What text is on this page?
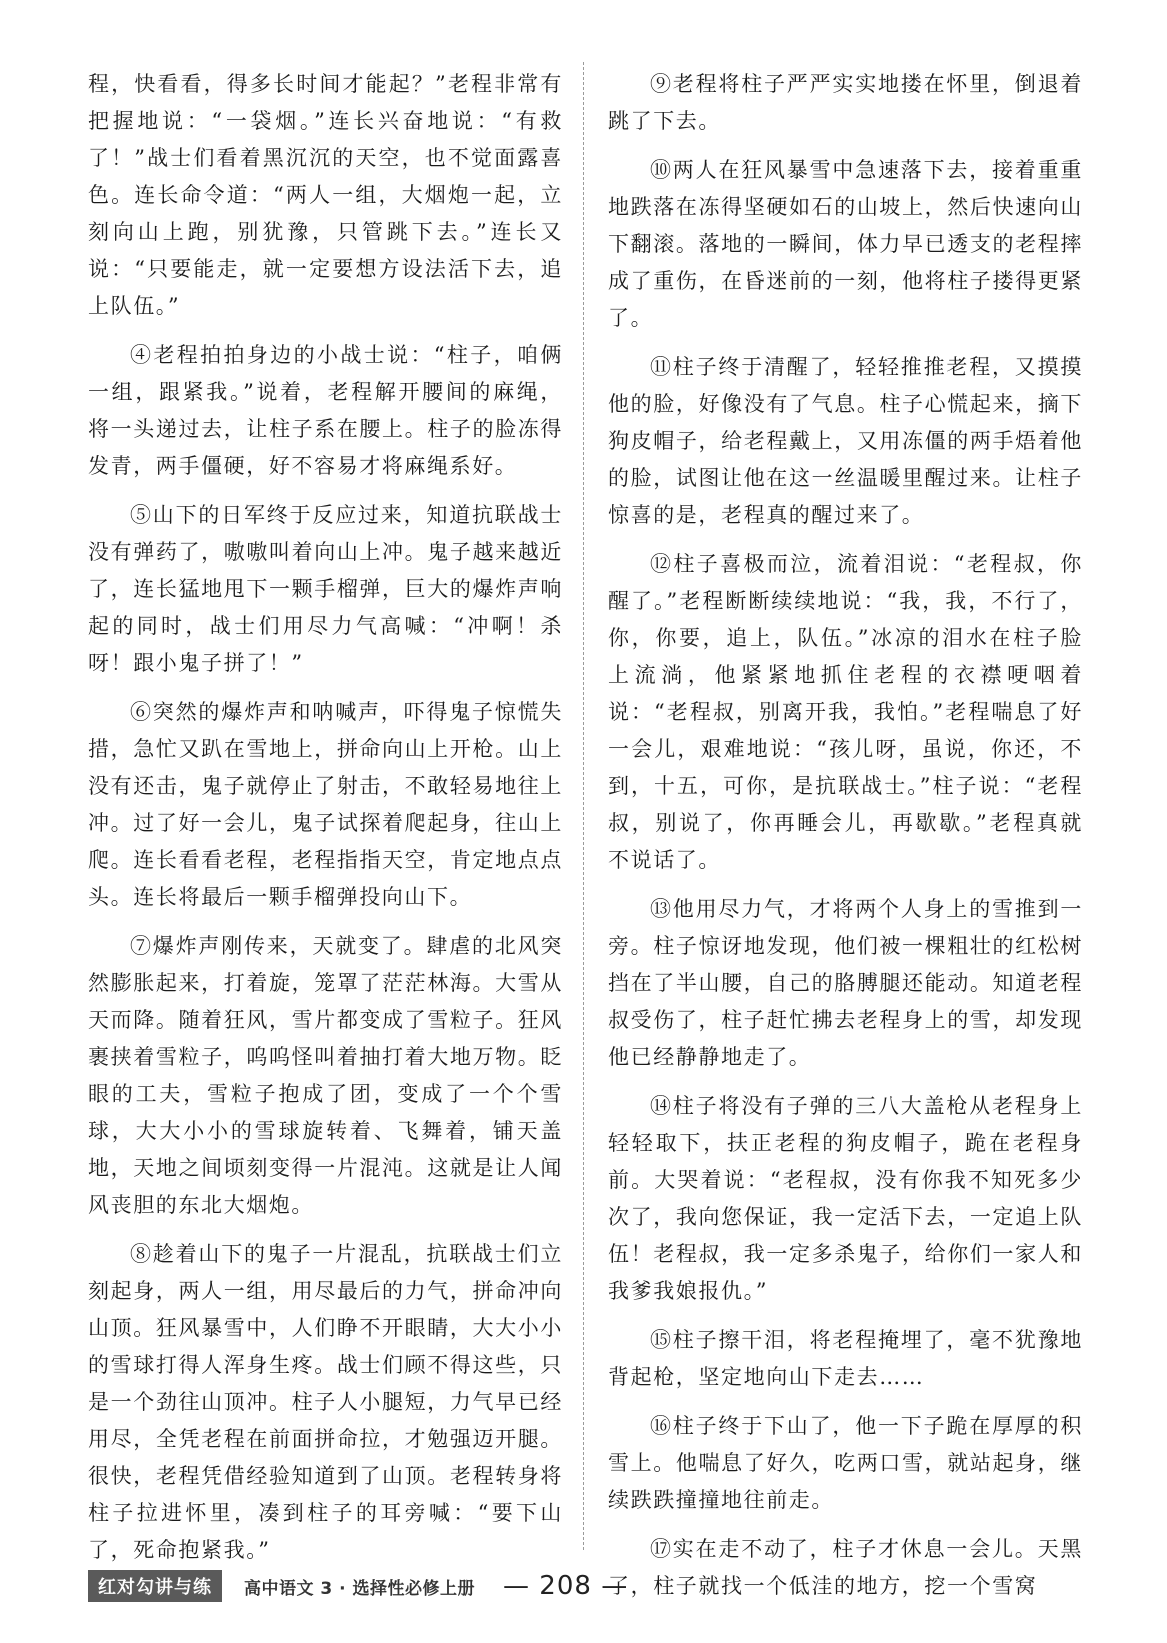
程，快看看，得多长时间才能起？”老程非常有把握地说：“一袋烟。”连长兴奋地说：“有救了！”战士们看着黑沉沉的天空，也不觉面露喜色。连长命令道：“两人一组，大烟炮一起，立刻向山上跑，别犹豫，只管跳下去。”连长又说：“只要能走，就一定要想方设法活下去，追上队伍。”

④老程拍拍身边的小战士说：“柱子，咱俩一组，跟紧我。”说着，老程解开腰间的麻绳，将一头递过去，让柱子系在腰上。柱子的脸冻得发青，两手僵硬，好不容易才将麻绳系好。

⑤山下的日军终于反应过来，知道抗联战士没有弹药了，嗷嗷叫着向山上冲。鬼子越来越近了，连长猛地甩下一颗手榴弹，巨大的爆炸声响起的同时，战士们用尽力气高喊：“冲啊！杀呀！跟小鬼子拼了！”

⑥突然的爆炸声和呐喊声，吓得鬼子惊慌失措，急忙又趴在雪地上，拼命向山上开枪。山上没有还击，鬼子就停止了射击，不敢轻易地往上冲。过了好一会儿，鬼子试探着爬起身，往山上爬。连长看看老程，老程指指天空，肯定地点点头。连长将最后一颗手榴弹投向山下。

⑦爆炸声刚传来，天就变了。肆虐的北风突然膨胀起来，打着旋，笼罩了茫茫林海。大雪从天而降。随着狂风，雪片都变成了雪粒子。狂风裹挟着雪粒子，呜呜怪叫着抽打着大地万物。眨眼的工夫，雪粒子抱成了团，变成了一个个雪球，大大小小的雪球旋转着、飞舞着，铺天盖地，天地之间顷刻变得一片混沌。这就是让人闻风丧胆的东北大烟炮。

⑧趁着山下的鬼子一片混乱，抗联战士们立刻起身，两人一组，用尽最后的力气，拼命冲向山顶。狂风暴雪中，人们睁不开眼睛，大大小小的雪球打得人浑身生疼。战士们顾不得这些，只是一个劲往山顶冲。柱子人小腿短，力气早已经用尽，全凭老程在前面拼命拉，才勉强迈开腿。很快，老程凭借经验知道到了山顶。老程转身将柱子拉进怀里，凑到柱子的耳旁喊：“要下山了，死命抱紧我。”

⑨老程将柱子严严实实地搂在怀里，倒退着跳了下去。

⑩两人在狂风暴雪中急速落下去，接着重重地跌落在冻得坚硬如石的山坡上，然后快速向山下翻滚。落地的一瞬间，体力早已透支的老程摔成了重伤，在昏迷前的一刻，他将柱子搂得更紧了。

⑪柱子终于清醒了，轻轻推推老程，又摸摸他的脸，好像没有了气息。柱子心慌起来，摘下狗皮帽子，给老程戴上，又用冻僵的两手焐着他的脸，试图让他在这一丝温暖里醒过来。让柱子惊喜的是，老程真的醒过来了。

⑫柱子喜极而泣，流着泪说：“老程叔，你醒了。”老程断断续续地说：“我，我，不行了，你，你要，追上，队伍。”冰凉的泪水在柱子脸上流淌，他紧紧地抓住老程的衣襟哽咽着说：“老程叔，别离开我，我怕。”老程喘息了好一会儿，艰难地说：“孩儿呀，虽说，你还，不到，十五，可你，是抗联战士。”柱子说：“老程叔，别说了，你再睡会儿，再歇歇。”老程真就不说话了。

⑬他用尽力气，才将两个人身上的雪推到一旁。柱子惊讶地发现，他们被一棵粗壮的红松树挡在了半山腰，自己的胳膊腿还能动。知道老程叔受伤了，柱子赶忙拂去老程身上的雪，却发现他已经静静地走了。

⑭柱子将没有子弹的三八大盖枪从老程身上轻轻取下，扶正老程的狗皮帽子，跪在老程身前。大哭着说：“老程叔，没有你我不知死多少次了，我向您保证，我一定活下去，一定追上队伍！老程叔，我一定多杀鬼子，给你们一家人和我爹我娘报仇。”

⑮柱子擦干泪，将老程掩埋了，毫不犹豫地背起枪，坚定地向山下走去……

⑯柱子终于下山了，他一下子跪在厚厚的积雪上。他喘息了好久，吃两口雪，就站起身，继续跌跌撞撞地往前走。

⑰实在走不动了，柱子才休息一会儿。天黑了，柱子就找一个低洼的地方，挖一个雪窝

红对勾讲与练	高中语文 3 · 选择性必修上册 — 208 —
